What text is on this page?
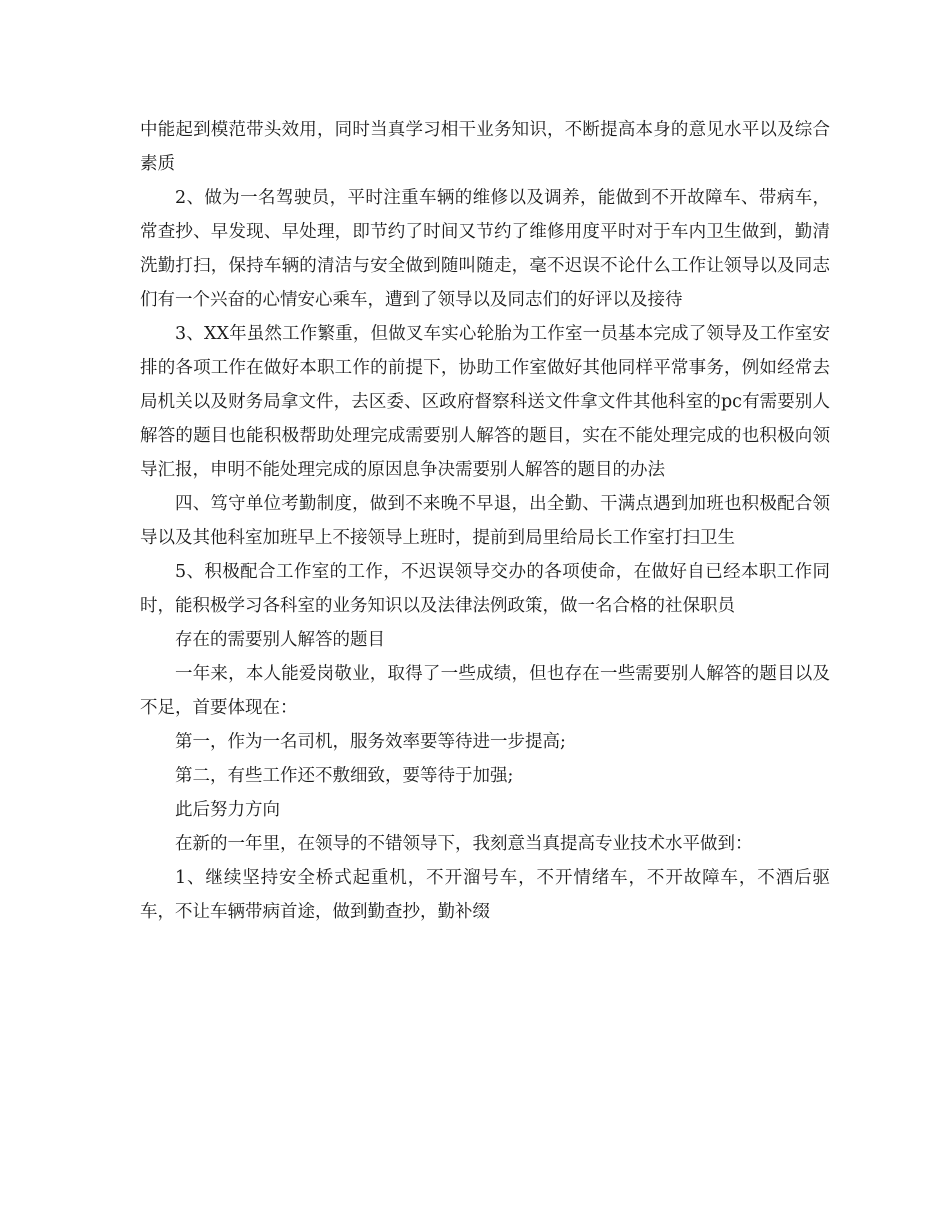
中能起到模范带头效用，同时当真学习相干业务知识，不断提高本身的意见水平以及综合素质

2、做为一名驾驶员，平时注重车辆的维修以及调养，能做到不开故障车、带病车，常查抄、早发现、早处理，即节约了时间又节约了维修用度平时对于车内卫生做到，勤清洗勤打扫，保持车辆的清洁与安全做到随叫随走，毫不迟误不论什么工作让领导以及同志们有一个兴奋的心情安心乘车，遭到了领导以及同志们的好评以及接待

3、XX年虽然工作繁重，但做叉车实心轮胎为工作室一员基本完成了领导及工作室安排的各项工作在做好本职工作的前提下，协助工作室做好其他同样平常事务，例如经常去局机关以及财务局拿文件，去区委、区政府督察科送文件拿文件其他科室的pc有需要别人解答的题目也能积极帮助处理完成需要别人解答的题目，实在不能处理完成的也积极向领导汇报，申明不能处理完成的原因息争决需要别人解答的题目的办法

四、笃守单位考勤制度，做到不来晚不早退，出全勤、干满点遇到加班也积极配合领导以及其他科室加班早上不接领导上班时，提前到局里给局长工作室打扫卫生

5、积极配合工作室的工作，不迟误领导交办的各项使命，在做好自已经本职工作同时，能积极学习各科室的业务知识以及法律法例政策，做一名合格的社保职员

存在的需要别人解答的题目

一年来，本人能爱岗敬业，取得了一些成绩，但也存在一些需要别人解答的题目以及不足，首要体现在：

第一，作为一名司机，服务效率要等待进一步提高;

第二，有些工作还不敷细致，要等待于加强;

此后努力方向

在新的一年里，在领导的不错领导下，我刻意当真提高专业技术水平做到：

1、继续坚持安全桥式起重机，不开溜号车，不开情绪车，不开故障车，不酒后驱车，不让车辆带病首途，做到勤查抄，勤补缀
